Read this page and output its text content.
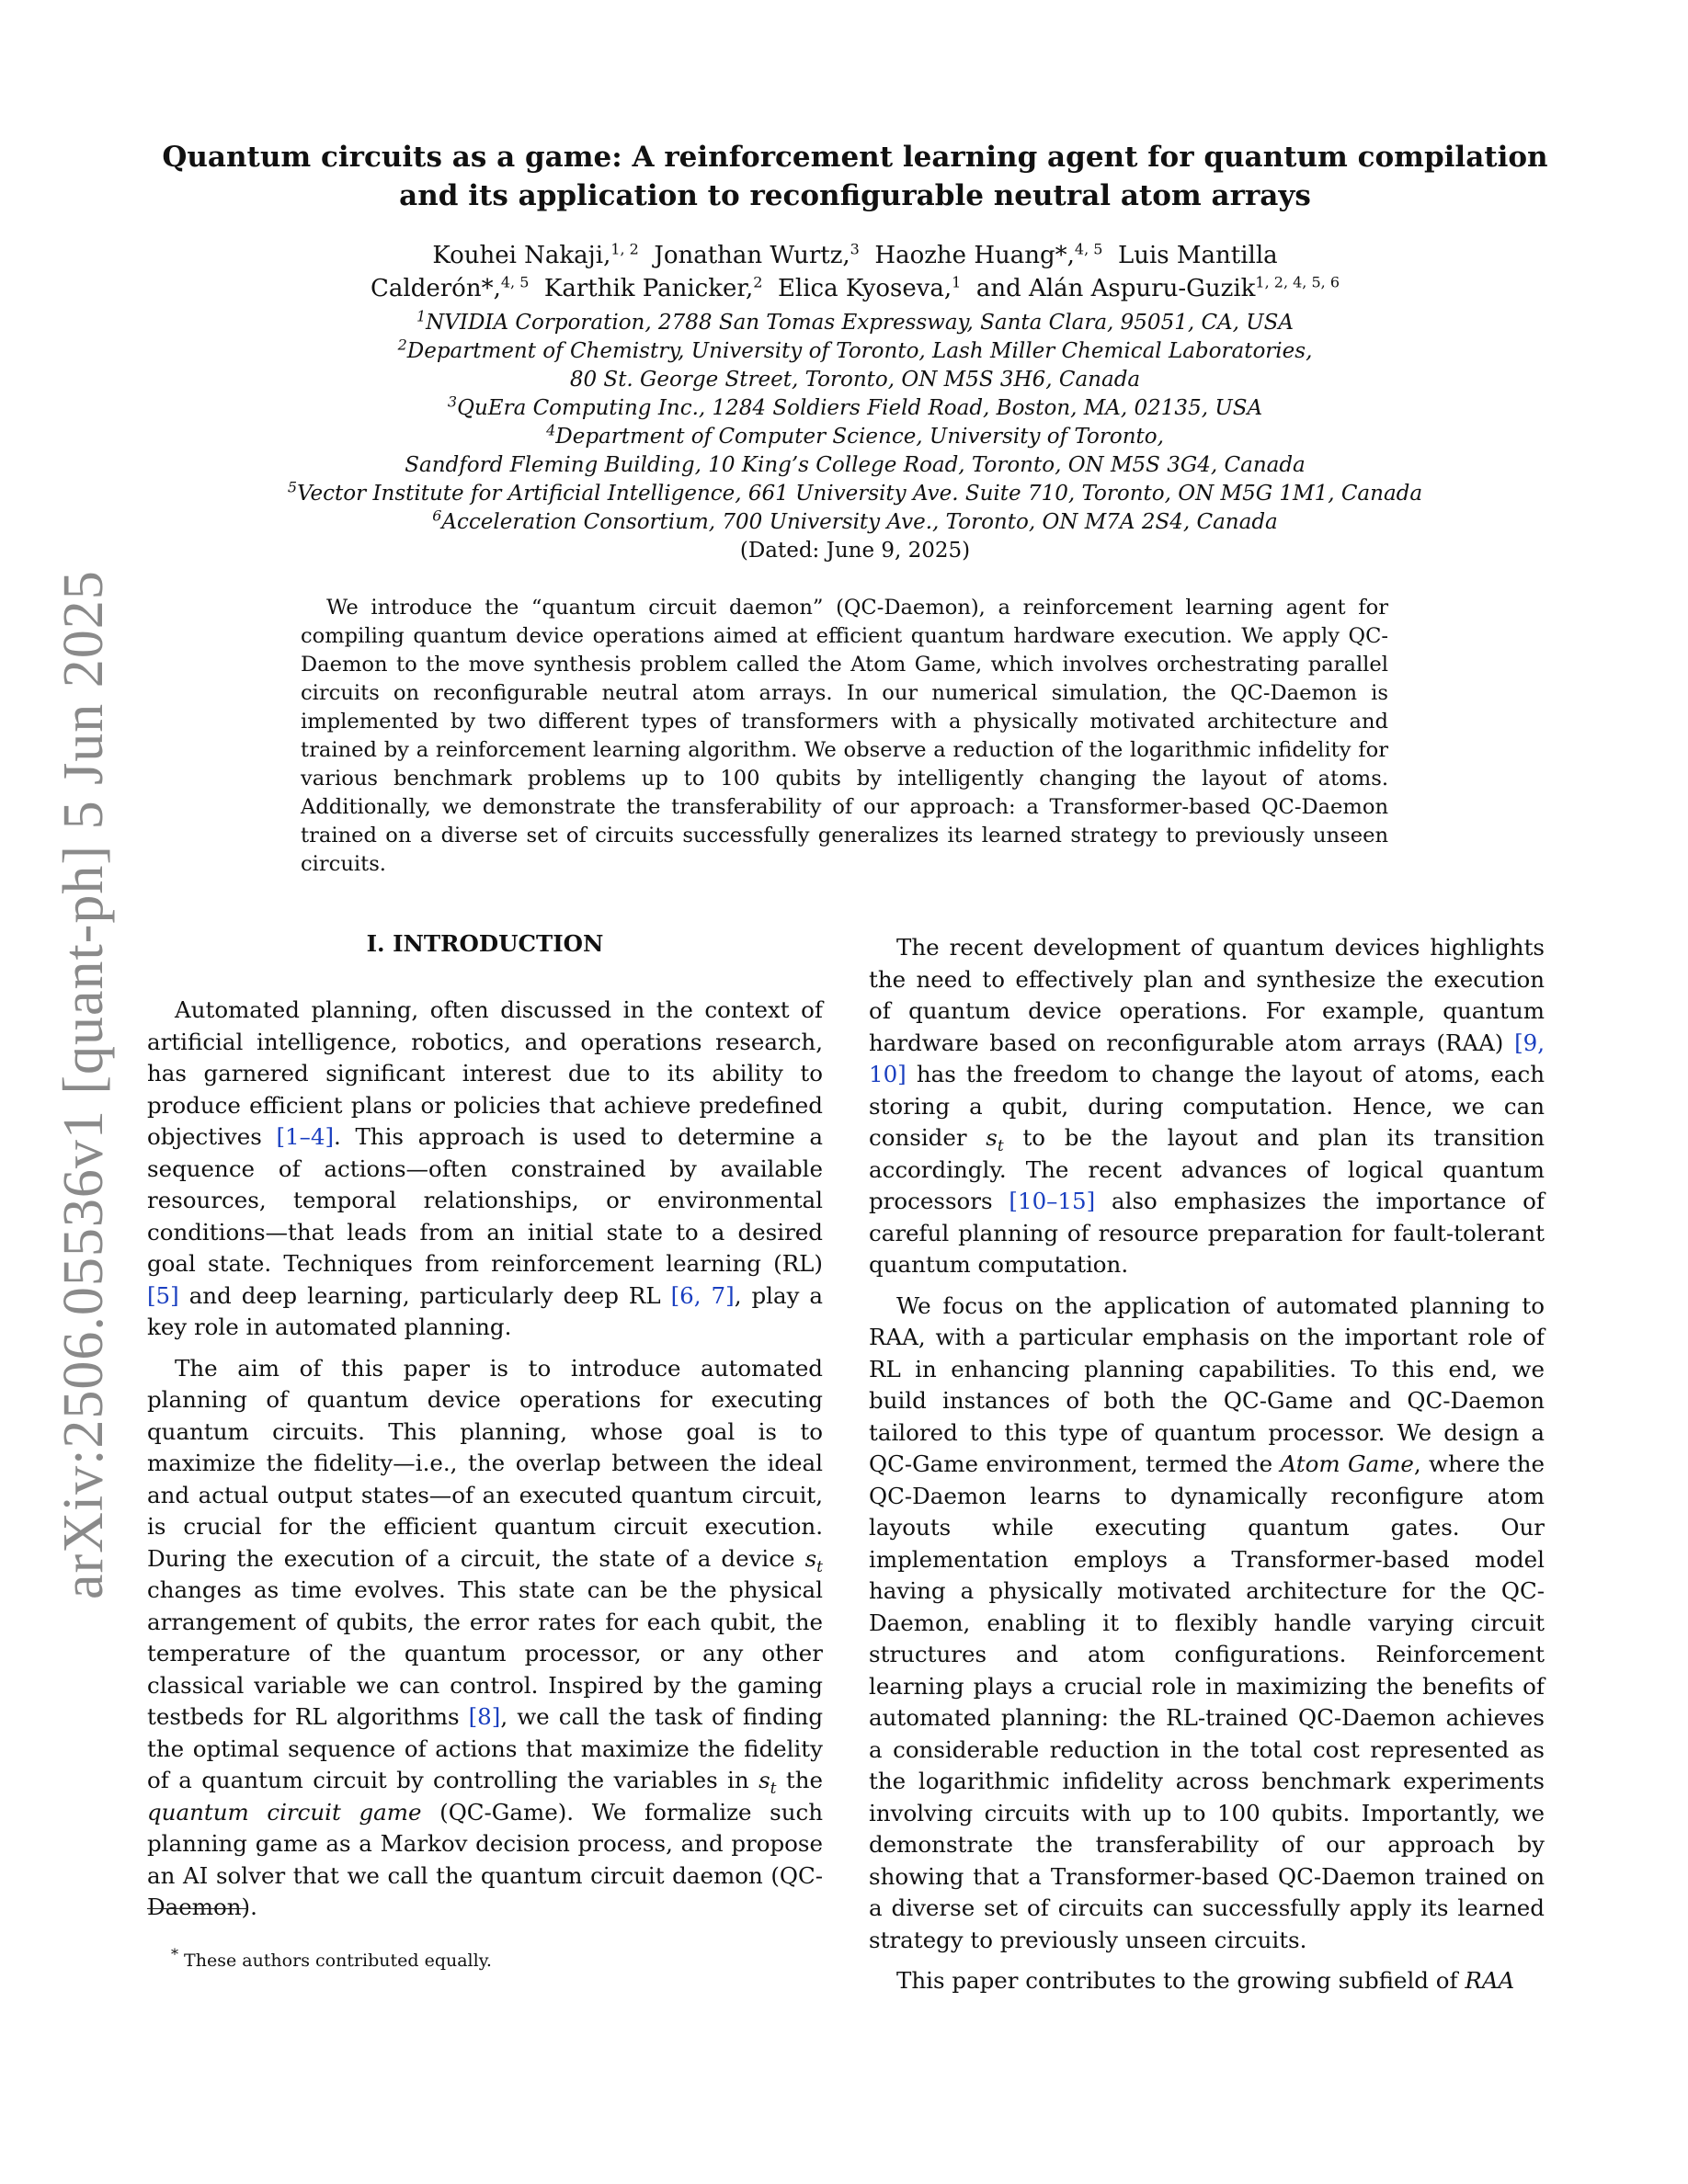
arXiv:2506.05536v1 [quant-ph] 5 Jun 2025
Quantum circuits as a game: A reinforcement learning agent for quantum compilation
and its application to reconfigurable neutral atom arrays
Kouhei Nakaji,$^{1, 2}$ Jonathan Wurtz,$^3$ Haozhe Huang*,$^{4, 5}$ Luis Mantilla
Calderón*,$^{4, 5}$ Karthik Panicker,$^2$ Elica Kyoseva,$^1$ and Alán Aspuru-Guzik$^{1, 2, 4, 5, 6}$
$^1$NVIDIA Corporation, 2788 San Tomas Expressway, Santa Clara, 95051, CA, USA
$^2$Department of Chemistry, University of Toronto, Lash Miller Chemical Laboratories,
80 St. George Street, Toronto, ON M5S 3H6, Canada
$^3$QuEra Computing Inc., 1284 Soldiers Field Road, Boston, MA, 02135, USA
$^4$Department of Computer Science, University of Toronto,
Sandford Fleming Building, 10 King’s College Road, Toronto, ON M5S 3G4, Canada
$^5$Vector Institute for Artificial Intelligence, 661 University Ave. Suite 710, Toronto, ON M5G 1M1, Canada
$^6$Acceleration Consortium, 700 University Ave., Toronto, ON M7A 2S4, Canada
(Dated: June 9, 2025)

We introduce the “quantum circuit daemon” (QC-Daemon), a reinforcement learning agent for compiling quantum device operations aimed at efficient quantum hardware execution. We apply QC-Daemon to the move synthesis problem called the Atom Game, which involves orchestrating parallel circuits on reconfigurable neutral atom arrays. In our numerical simulation, the QC-Daemon is implemented by two different types of transformers with a physically motivated architecture and trained by a reinforcement learning algorithm. We observe a reduction of the logarithmic infidelity for various benchmark problems up to 100 qubits by intelligently changing the layout of atoms. Additionally, we demonstrate the transferability of our approach: a Transformer-based QC-Daemon trained on a diverse set of circuits successfully generalizes its learned strategy to previously unseen circuits.

I. INTRODUCTION

Automated planning, often discussed in the context of artificial intelligence, robotics, and operations research, has garnered significant interest due to its ability to produce efficient plans or policies that achieve predefined objectives [1–4]. This approach is used to determine a sequence of actions—often constrained by available resources, temporal relationships, or environmental conditions—that leads from an initial state to a desired goal state. Techniques from reinforcement learning (RL) [5] and deep learning, particularly deep RL [6, 7], play a key role in automated planning.

The aim of this paper is to introduce automated planning of quantum device operations for executing quantum circuits. This planning, whose goal is to maximize the fidelity—i.e., the overlap between the ideal and actual output states—of an executed quantum circuit, is crucial for the efficient quantum circuit execution. During the execution of a circuit, the state of a device $s_t$ changes as time evolves. This state can be the physical arrangement of qubits, the error rates for each qubit, the temperature of the quantum processor, or any other classical variable we can control. Inspired by the gaming testbeds for RL algorithms [8], we call the task of finding the optimal sequence of actions that maximize the fidelity of a quantum circuit by controlling the variables in $s_t$ the quantum circuit game (QC-Game). We formalize such planning game as a Markov decision process, and propose an AI solver that we call the quantum circuit daemon (QC-Daemon).

The recent development of quantum devices highlights the need to effectively plan and synthesize the execution of quantum device operations. For example, quantum hardware based on reconfigurable atom arrays (RAA) [9, 10] has the freedom to change the layout of atoms, each storing a qubit, during computation. Hence, we can consider $s_t$ to be the layout and plan its transition accordingly. The recent advances of logical quantum processors [10–15] also emphasizes the importance of careful planning of resource preparation for fault-tolerant quantum computation.

We focus on the application of automated planning to RAA, with a particular emphasis on the important role of RL in enhancing planning capabilities. To this end, we build instances of both the QC-Game and QC-Daemon tailored to this type of quantum processor. We design a QC-Game environment, termed the Atom Game, where the QC-Daemon learns to dynamically reconfigure atom layouts while executing quantum gates. Our implementation employs a Transformer-based model having a physically motivated architecture for the QC-Daemon, enabling it to flexibly handle varying circuit structures and atom configurations. Reinforcement learning plays a crucial role in maximizing the benefits of automated planning: the RL-trained QC-Daemon achieves a considerable reduction in the total cost represented as the logarithmic infidelity across benchmark experiments involving circuits with up to 100 qubits. Importantly, we demonstrate the transferability of our approach by showing that a Transformer-based QC-Daemon trained on a diverse set of circuits can successfully apply its learned strategy to previously unseen circuits.

This paper contributes to the growing subfield of RAA

* These authors contributed equally.
